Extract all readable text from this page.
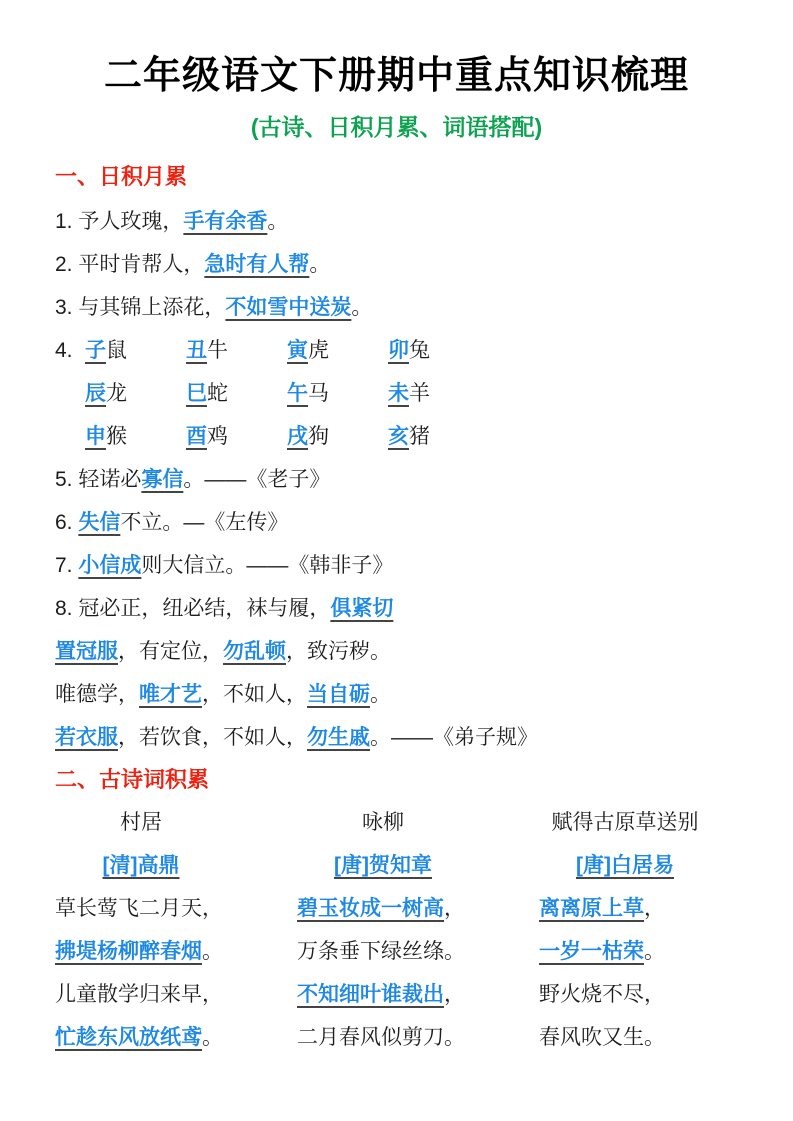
二年级语文下册期中重点知识梳理
(古诗、日积月累、词语搭配)
一、日积月累

1. 予人玫瑰，手有余香。

2. 平时肯帮人，急时有人帮。

3. 与其锦上添花，不如雪中送炭。

4. 子鼠	丑牛	寅虎	卯兔
辰龙	巳蛇	午马	未羊
申猴	酉鸡	戌狗	亥猪

5. 轻诺必寡信。——《老子》

6. 失信不立。—《左传》

7. 小信成则大信立。——《韩非子》

8. 冠必正，纽必结，袜与履，俱紧切

置冠服，有定位，勿乱顿，致污秽。

唯德学，唯才艺，不如人，当自砺。

若衣服，若饮食，不如人，勿生戚。——《弟子规》

二、古诗词积累

村居

[清]高鼎

草长莺飞二月天，

拂堤杨柳醉春烟。

儿童散学归来早，

忙趁东风放纸鸢。

咏柳

[唐]贺知章

碧玉妆成一树高，

万条垂下绿丝绦。

不知细叶谁裁出，

二月春风似剪刀。

赋得古原草送别

[唐]白居易

离离原上草，

一岁一枯荣。

野火烧不尽，

春风吹又生。
